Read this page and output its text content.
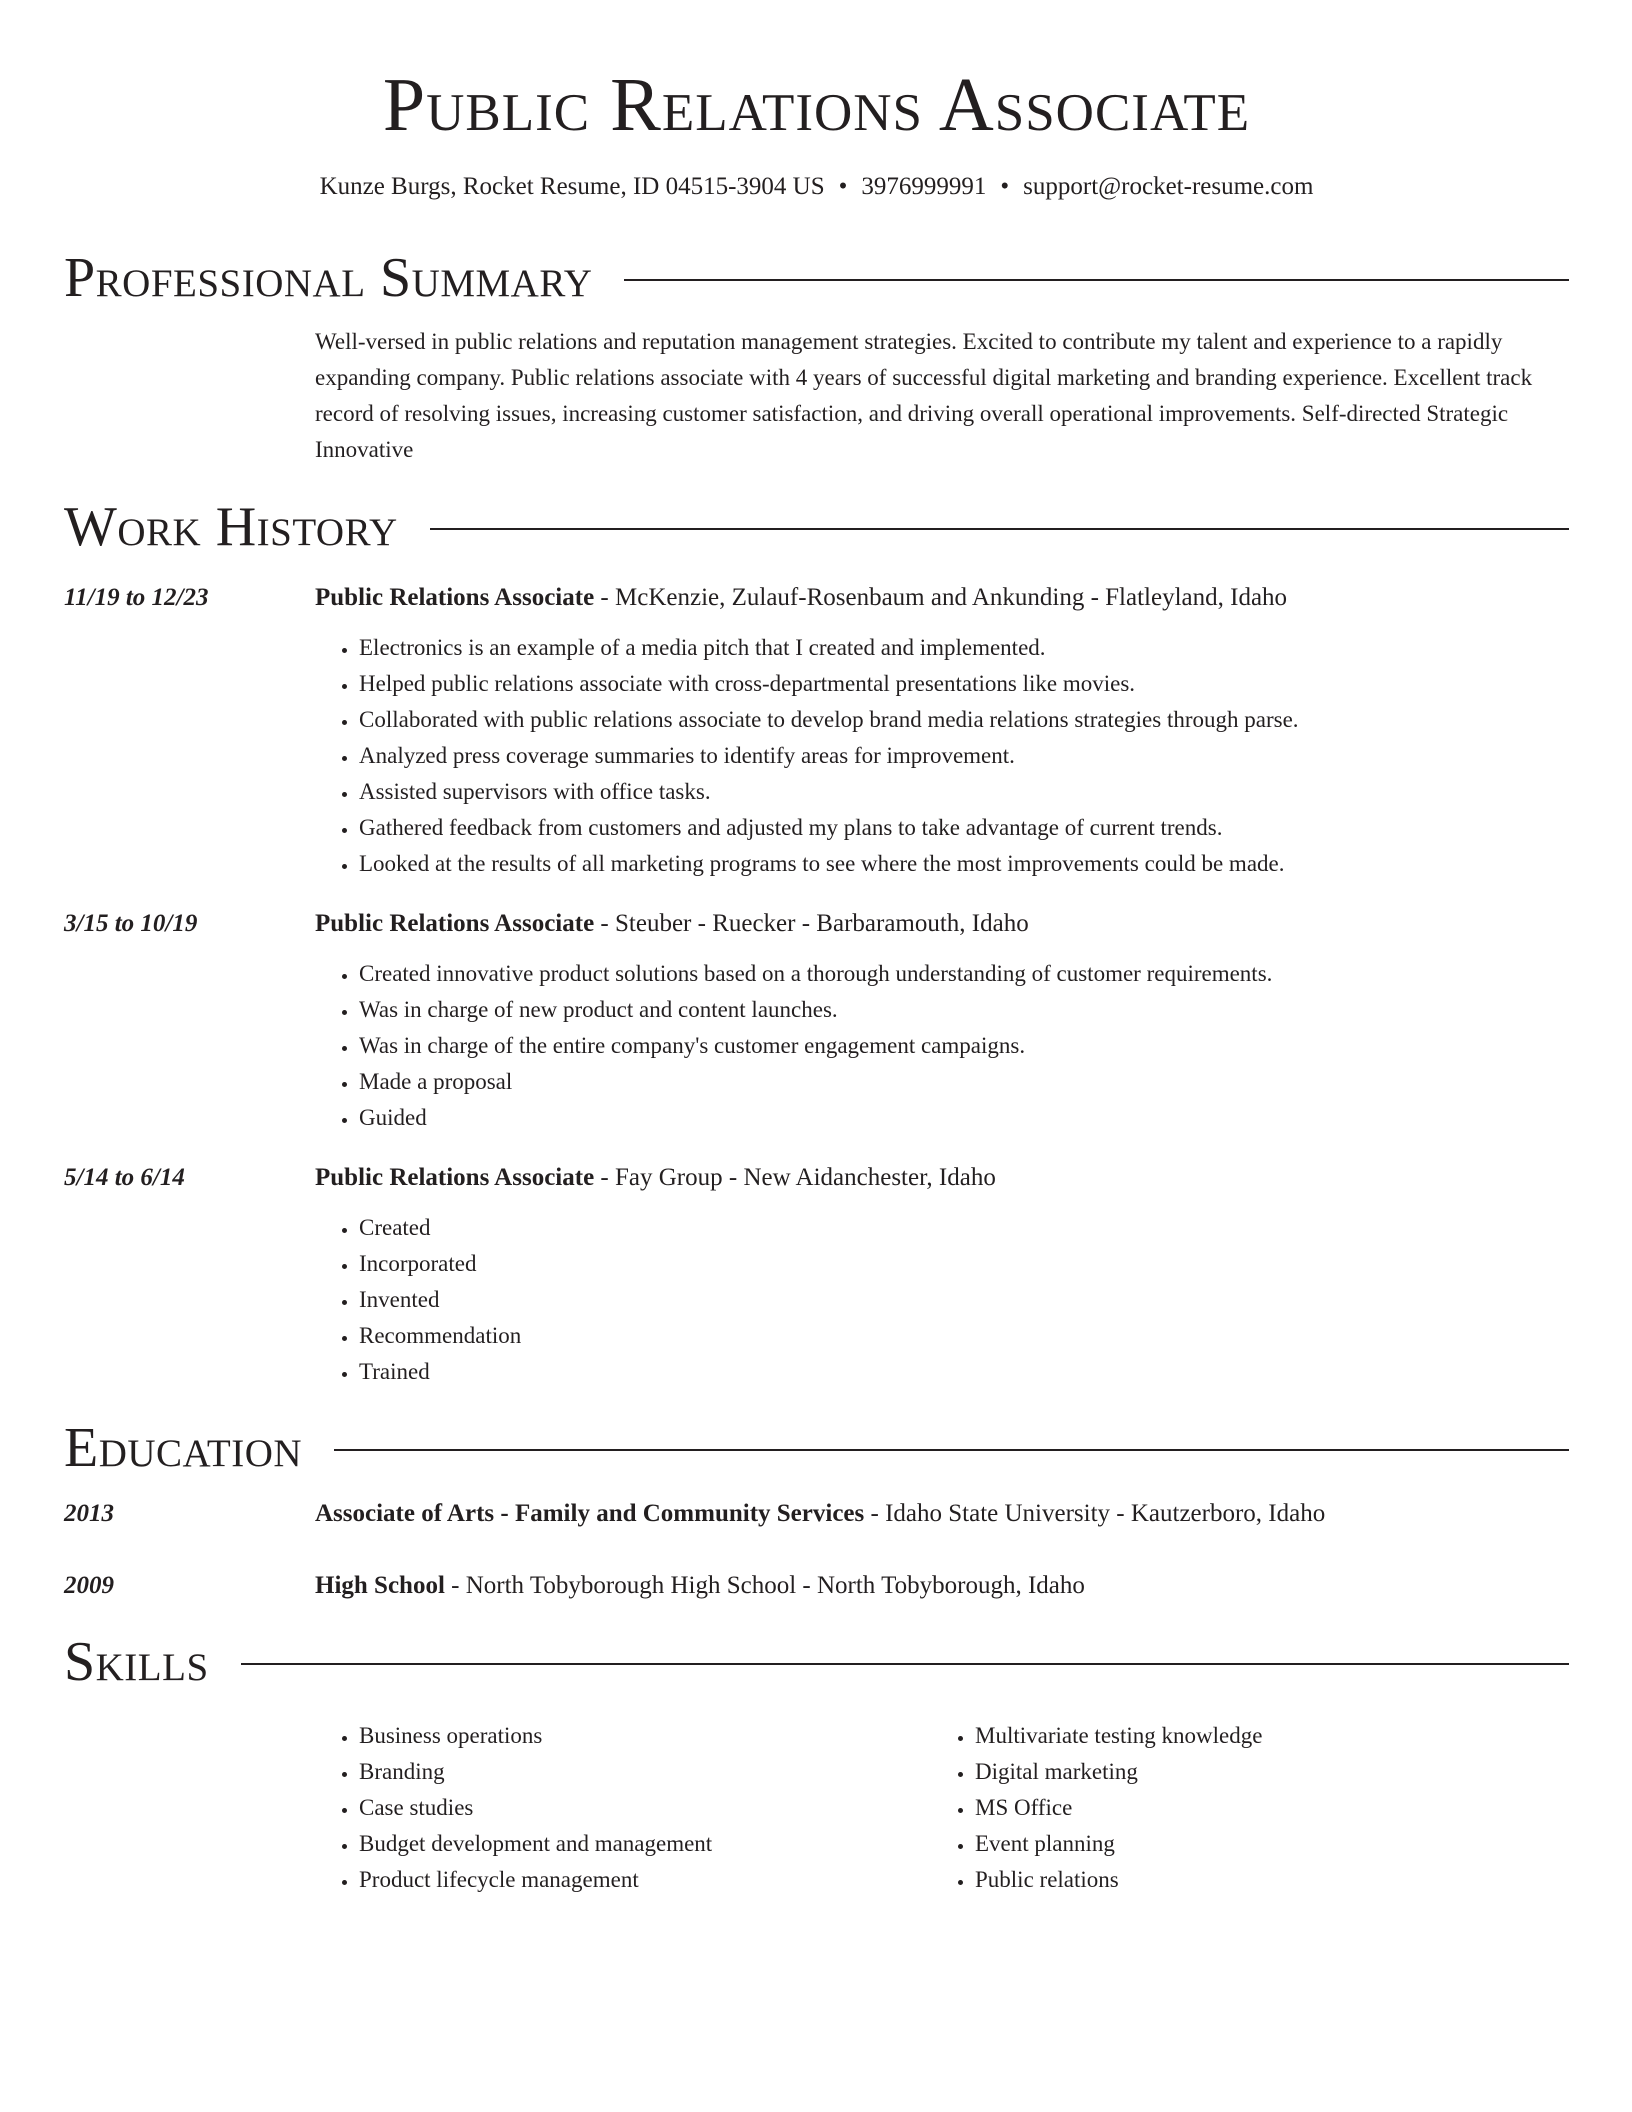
Public Relations Associate
Kunze Burgs, Rocket Resume, ID 04515-3904 US • 3976999991 • support@rocket-resume.com
Professional Summary

Well-versed in public relations and reputation management strategies. Excited to contribute my talent and experience to a rapidly expanding company. Public relations associate with 4 years of successful digital marketing and branding experience. Excellent track record of resolving issues, increasing customer satisfaction, and driving overall operational improvements. Self-directed Strategic Innovative

Work History
11/19 to 12/23	Public Relations Associate - McKenzie, Zulauf-Rosenbaum and Ankunding - Flatleyland, Idaho
• Electronics is an example of a media pitch that I created and implemented.
• Helped public relations associate with cross-departmental presentations like movies.
• Collaborated with public relations associate to develop brand media relations strategies through parse.
• Analyzed press coverage summaries to identify areas for improvement.
• Assisted supervisors with office tasks.
• Gathered feedback from customers and adjusted my plans to take advantage of current trends.
• Looked at the results of all marketing programs to see where the most improvements could be made.
3/15 to 10/19	Public Relations Associate - Steuber - Ruecker - Barbaramouth, Idaho
• Created innovative product solutions based on a thorough understanding of customer requirements.
• Was in charge of new product and content launches.
• Was in charge of the entire company's customer engagement campaigns.
• Made a proposal
• Guided
5/14 to 6/14	Public Relations Associate - Fay Group - New Aidanchester, Idaho
• Created
• Incorporated
• Invented
• Recommendation
• Trained
Education
2013	Associate of Arts - Family and Community Services - Idaho State University - Kautzerboro, Idaho
2009	High School - North Tobyborough High School - North Tobyborough, Idaho
Skills
• Business operations
• Branding
• Case studies
• Budget development and management
• Product lifecycle management
• Multivariate testing knowledge
• Digital marketing
• MS Office
• Event planning
• Public relations
